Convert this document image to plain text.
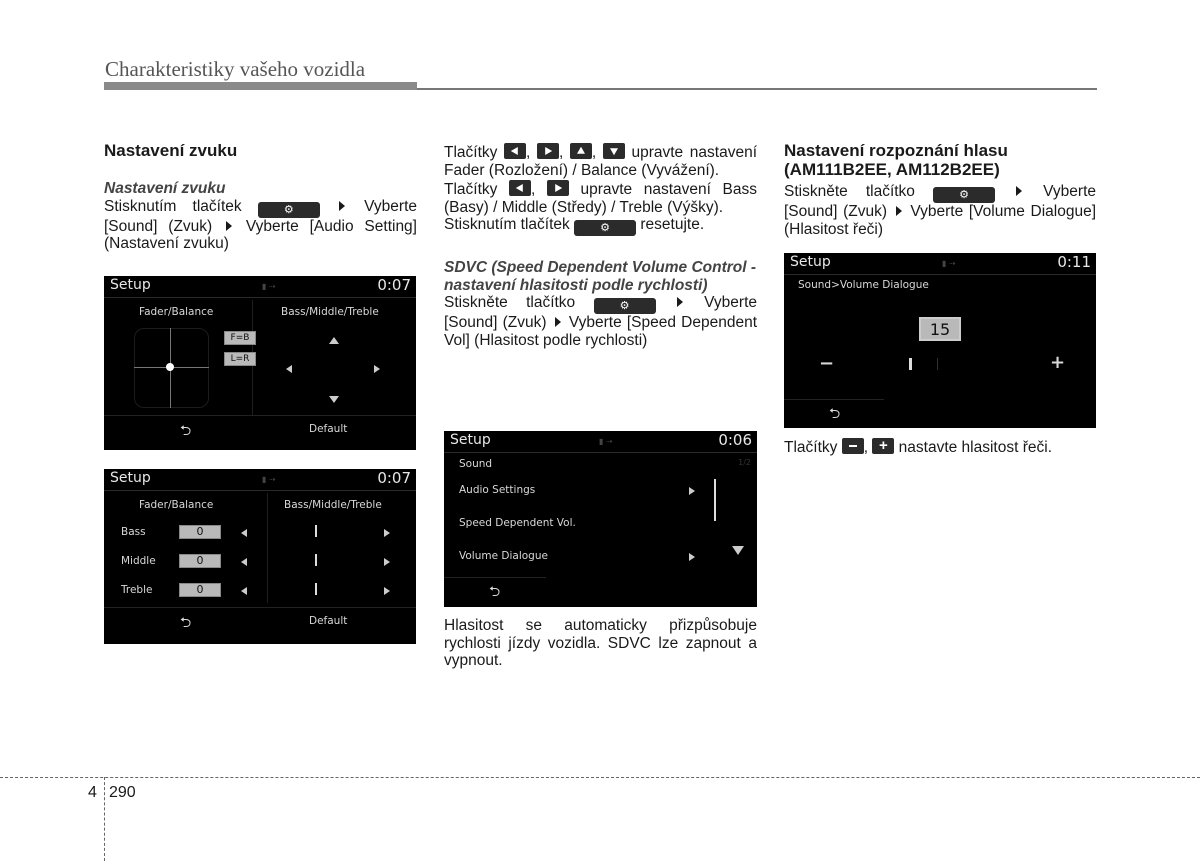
Charakteristiky vašeho vozidla
Nastavení zvuku
Nastavení zvuku

Stisknutím tlačítek	⚙	Vyberte [Sound] (Zvuk) Vyberte [Audio Setting] (Nastavení zvuku)

Setup	▮ ⇢	0:07
Fader/Balance	Bass/Middle/Treble
F=B
L=R
⮌	Default
Setup	▮ ⇢	0:07
Fader/Balance	Bass/Middle/Treble
Bass	0
Middle	0
Treble	0
⮌	Default

Tlačítky , , ,  upravte nastavení Fader (Rozložení) / Balance (Vyvážení).

Tlačítky ,  upravte nastavení Bass (Basy) / Middle (Středy) / Treble (Výšky).

Stisknutím tlačítek	⚙ resetujte.

SDVC (Speed Dependent Volume Control - nastavení hlasitosti podle rychlosti)

Stiskněte tlačítko	⚙	Vyberte [Sound] (Zvuk) Vyberte [Speed Dependent Vol] (Hlasitost podle rychlosti)

Setup	▮ ⇢	0:06
Sound	1/2
Audio Settings
Speed Dependent Vol.
Volume Dialogue
⮌

Hlasitost se automaticky přizpůsobuje rychlosti jízdy vozidla. SDVC lze zapnout a vypnout.

Nastavení rozpoznání hlasu (AM111B2EE, AM112B2EE)

Stiskněte tlačítko	⚙	Vyberte [Sound] (Zvuk) Vyberte [Volume Dialogue] (Hlasitost řeči)

Setup	▮ ⇢	0:11
Sound>Volume Dialogue
15
−	+
⮌

Tlačítky , + nastavte hlasitost řeči.

4 290
